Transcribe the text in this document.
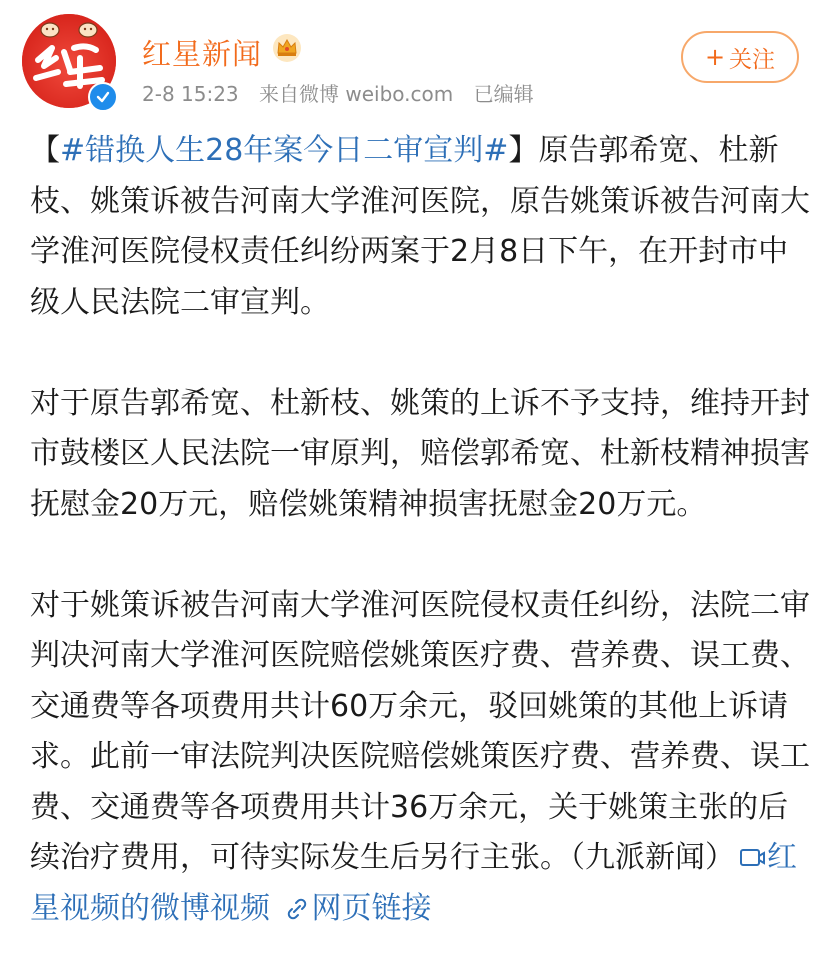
红星新闻
2-8 15:23 来自微博 weibo.com 已编辑
+ 关注

【#错换人生28年案今日二审宣判#】原告郭希宽、杜新枝、姚策诉被告河南大学淮河医院，原告姚策诉被告河南大学淮河医院侵权责任纠纷两案于2月8日下午，在开封市中级人民法院二审宣判。

对于原告郭希宽、杜新枝、姚策的上诉不予支持，维持开封市鼓楼区人民法院一审原判，赔偿郭希宽、杜新枝精神损害抚慰金20万元，赔偿姚策精神损害抚慰金20万元。

对于姚策诉被告河南大学淮河医院侵权责任纠纷，法院二审判决河南大学淮河医院赔偿姚策医疗费、营养费、误工费、交通费等各项费用共计60万余元，驳回姚策的其他上诉请求。此前一审法院判决医院赔偿姚策医疗费、营养费、误工费、交通费等各项费用共计36万余元，关于姚策主张的后续治疗费用，可待实际发生后另行主张。（九派新闻） 红星视频的微博视频 网页链接
